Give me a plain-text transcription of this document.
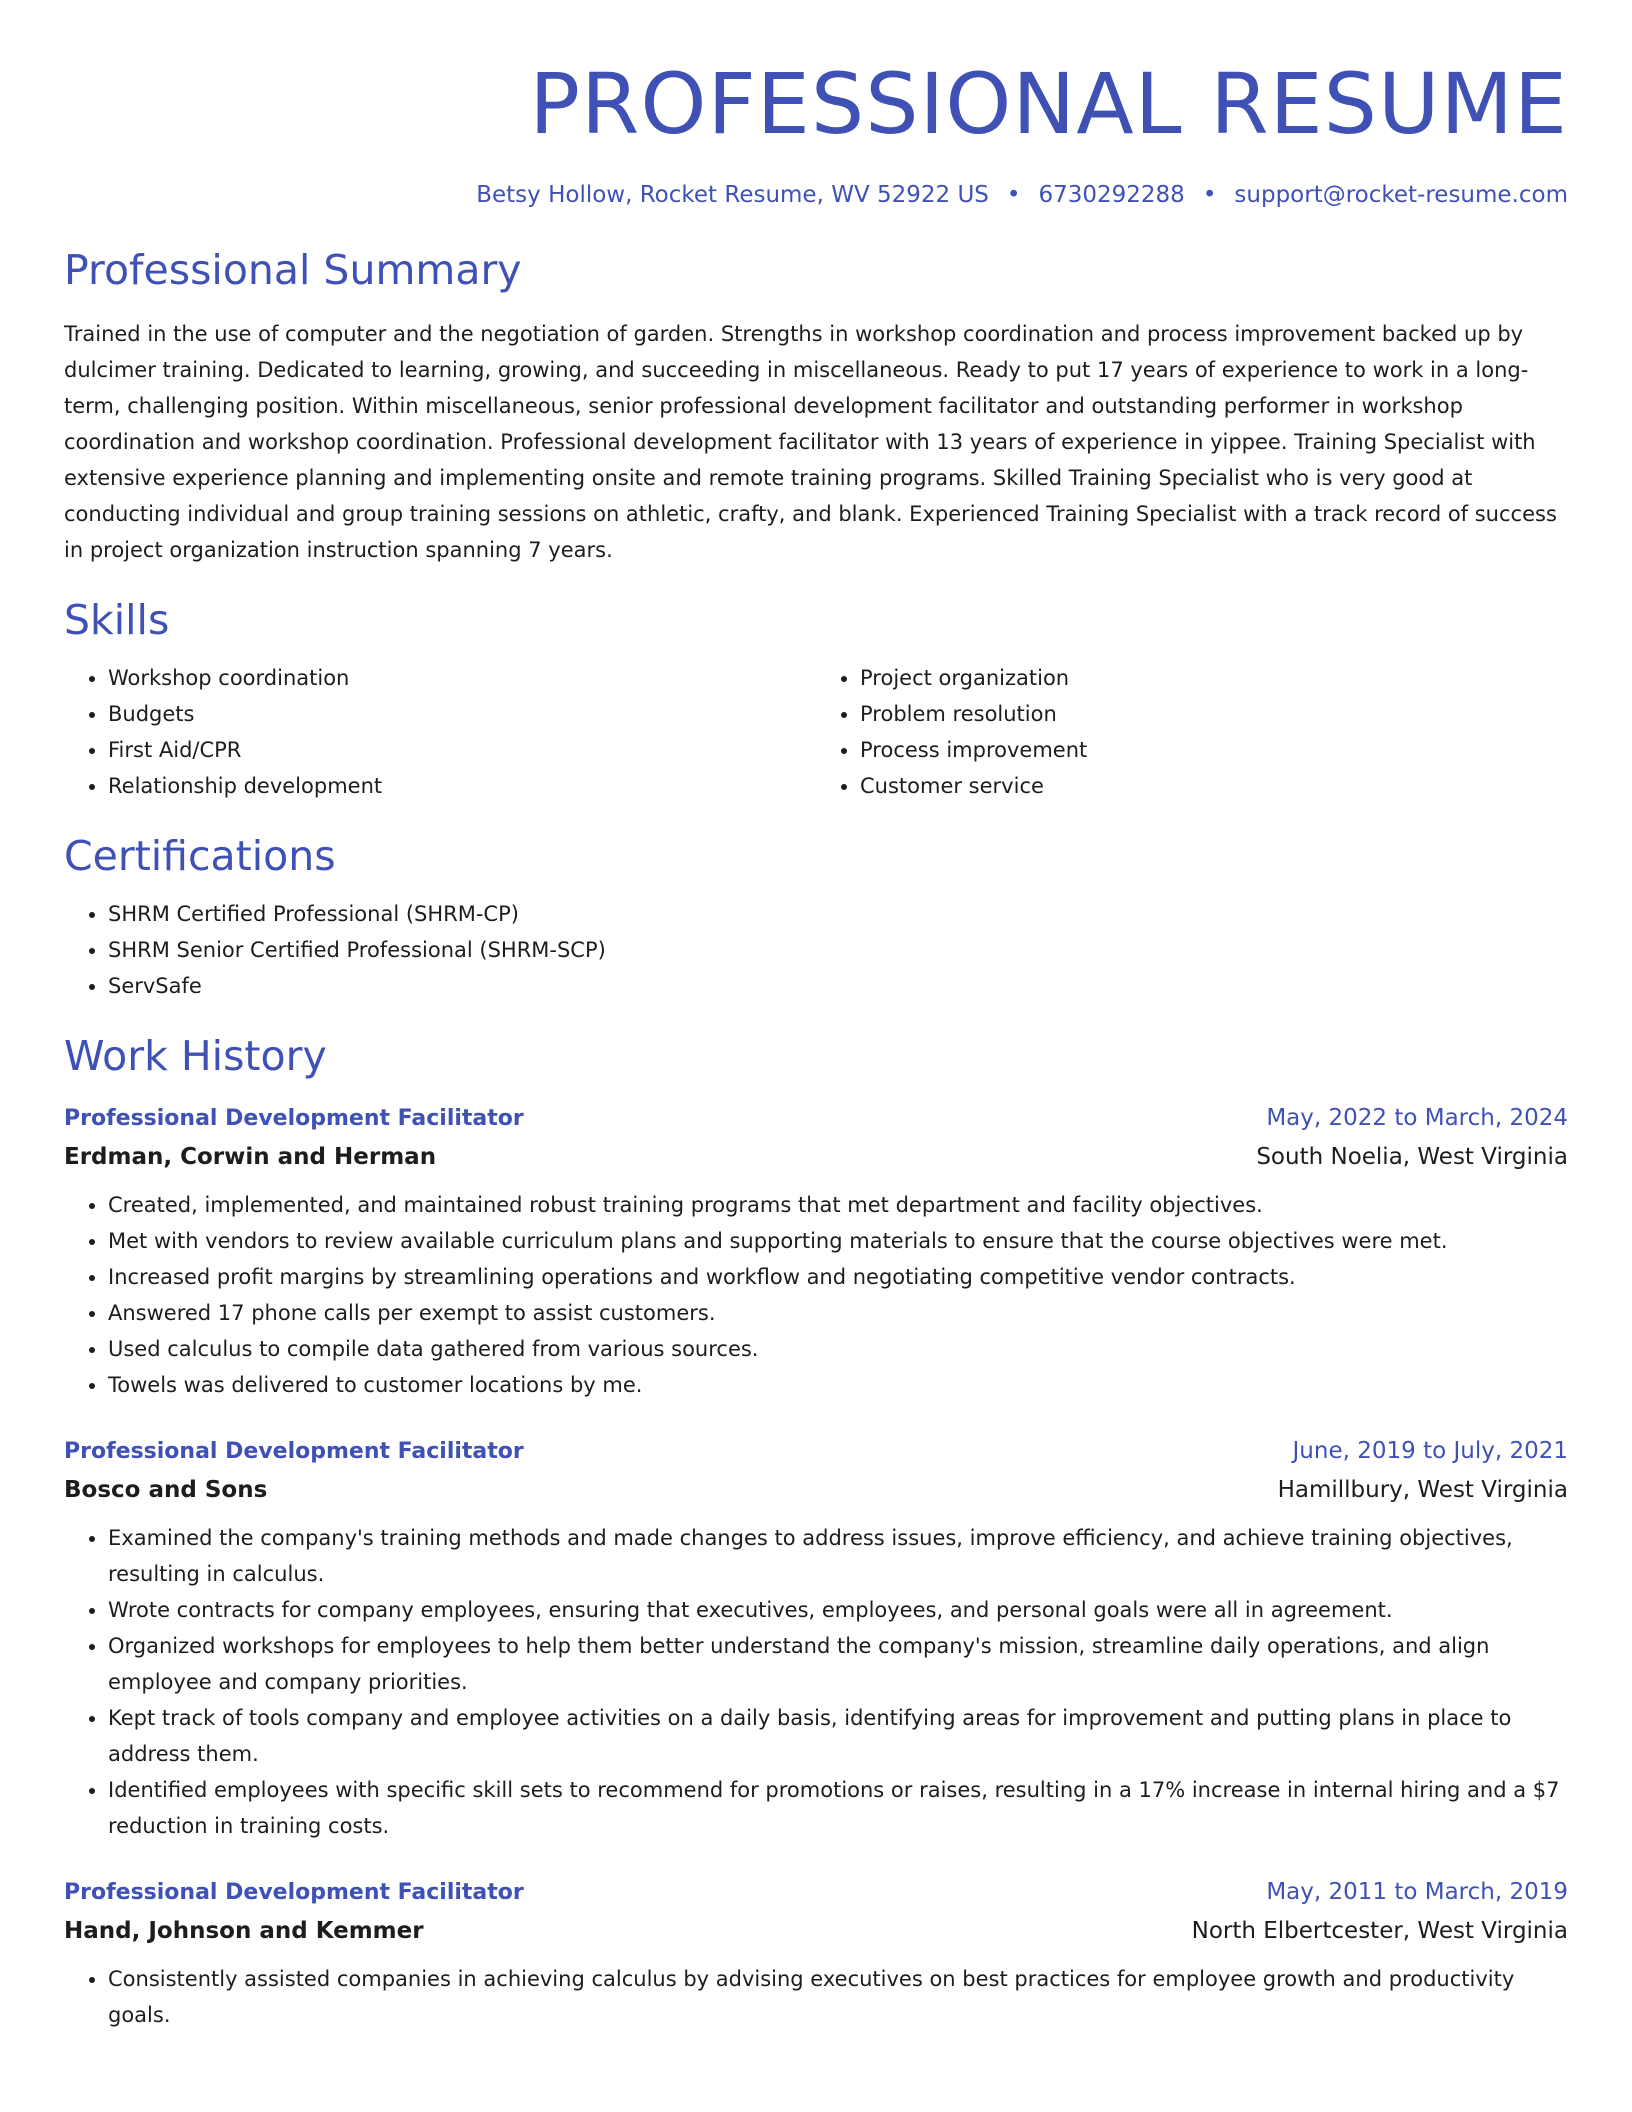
PROFESSIONAL RESUME
Betsy Hollow, Rocket Resume, WV 52922 US • 6730292288 • support@rocket-resume.com
Professional Summary

Trained in the use of computer and the negotiation of garden. Strengths in workshop coordination and process improvement backed up by dulcimer training. Dedicated to learning, growing, and succeeding in miscellaneous. Ready to put 17 years of experience to work in a long-term, challenging position. Within miscellaneous, senior professional development facilitator and outstanding performer in workshop coordination and workshop coordination. Professional development facilitator with 13 years of experience in yippee. Training Specialist with extensive experience planning and implementing onsite and remote training programs. Skilled Training Specialist who is very good at conducting individual and group training sessions on athletic, crafty, and blank. Experienced Training Specialist with a track record of success in project organization instruction spanning 7 years.

Skills
• Workshop coordination
• Budgets
• First Aid/CPR
• Relationship development
• Project organization
• Problem resolution
• Process improvement
• Customer service
Certifications
• SHRM Certified Professional (SHRM-CP)
• SHRM Senior Certified Professional (SHRM-SCP)
• ServSafe
Work History
Professional Development Facilitator	May, 2022 to March, 2024
Erdman, Corwin and Herman	South Noelia, West Virginia
• Created, implemented, and maintained robust training programs that met department and facility objectives.
• Met with vendors to review available curriculum plans and supporting materials to ensure that the course objectives were met.
• Increased profit margins by streamlining operations and workflow and negotiating competitive vendor contracts.
• Answered 17 phone calls per exempt to assist customers.
• Used calculus to compile data gathered from various sources.
• Towels was delivered to customer locations by me.
Professional Development Facilitator	June, 2019 to July, 2021
Bosco and Sons	Hamillbury, West Virginia
• Examined the company's training methods and made changes to address issues, improve efficiency, and achieve training objectives, resulting in calculus.
• Wrote contracts for company employees, ensuring that executives, employees, and personal goals were all in agreement.
• Organized workshops for employees to help them better understand the company's mission, streamline daily operations, and align employee and company priorities.
• Kept track of tools company and employee activities on a daily basis, identifying areas for improvement and putting plans in place to address them.
• Identified employees with specific skill sets to recommend for promotions or raises, resulting in a 17% increase in internal hiring and a $7 reduction in training costs.
Professional Development Facilitator	May, 2011 to March, 2019
Hand, Johnson and Kemmer	North Elbertcester, West Virginia
• Consistently assisted companies in achieving calculus by advising executives on best practices for employee growth and productivity goals.
